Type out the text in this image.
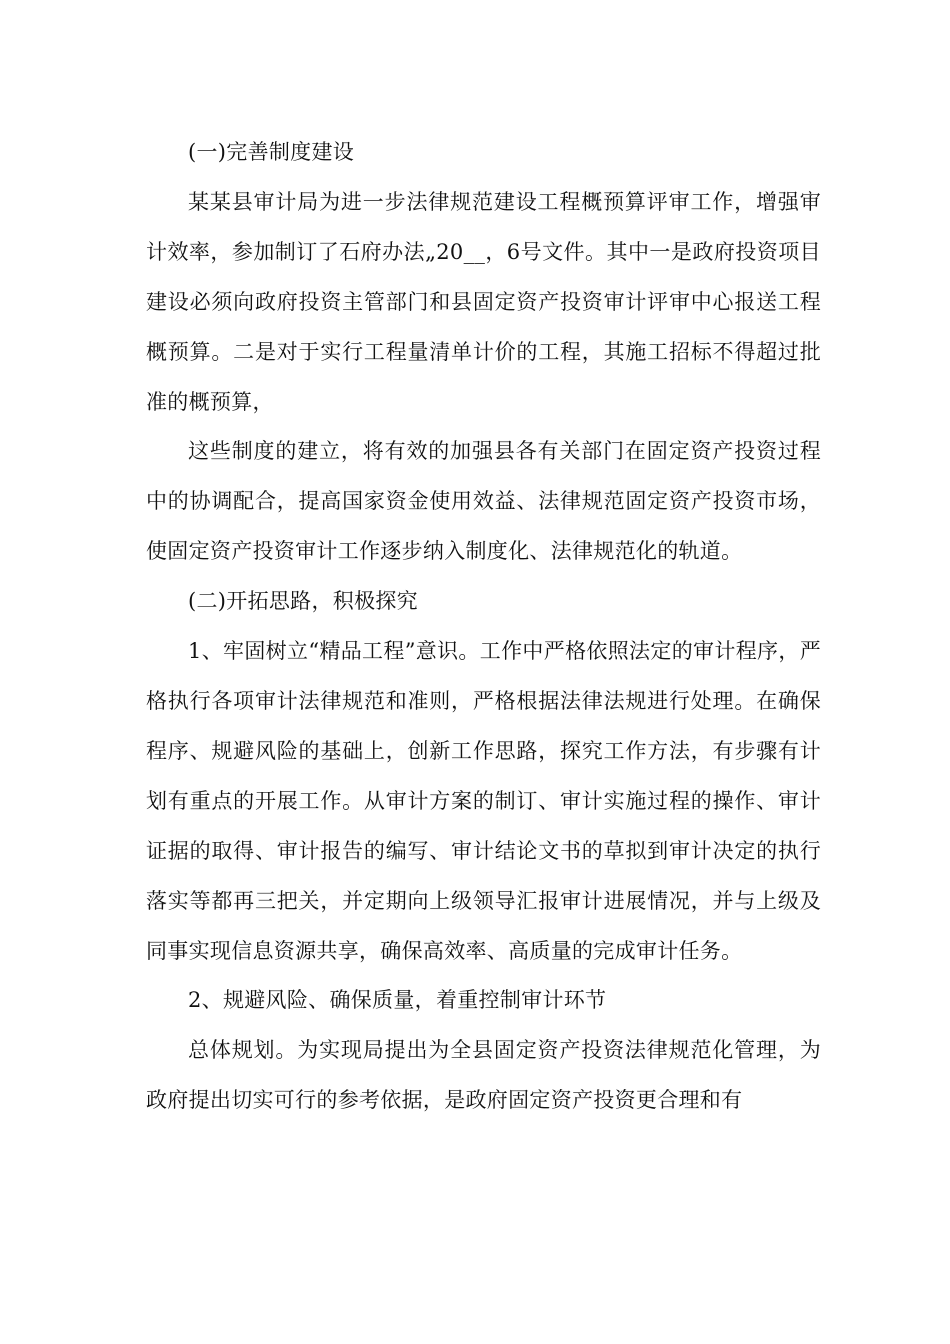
(一)完善制度建设

某某县审计局为进一步法律规范建设工程概预算评审工作，增强审计效率，参加制订了石府办法„20__，6号文件。其中一是政府投资项目建设必须向政府投资主管部门和县固定资产投资审计评审中心报送工程概预算。二是对于实行工程量清单计价的工程，其施工招标不得超过批准的概预算，

这些制度的建立，将有效的加强县各有关部门在固定资产投资过程中的协调配合，提高国家资金使用效益、法律规范固定资产投资市场，使固定资产投资审计工作逐步纳入制度化、法律规范化的轨道。

(二)开拓思路，积极探究

1、牢固树立“精品工程”意识。工作中严格依照法定的审计程序，严格执行各项审计法律规范和准则，严格根据法律法规进行处理。在确保程序、规避风险的基础上，创新工作思路，探究工作方法，有步骤有计划有重点的开展工作。从审计方案的制订、审计实施过程的操作、审计证据的取得、审计报告的编写、审计结论文书的草拟到审计决定的执行落实等都再三把关，并定期向上级领导汇报审计进展情况，并与上级及同事实现信息资源共享，确保高效率、高质量的完成审计任务。

2、规避风险、确保质量，着重控制审计环节

总体规划。为实现局提出为全县固定资产投资法律规范化管理，为政府提出切实可行的参考依据，是政府固定资产投资更合理和有
